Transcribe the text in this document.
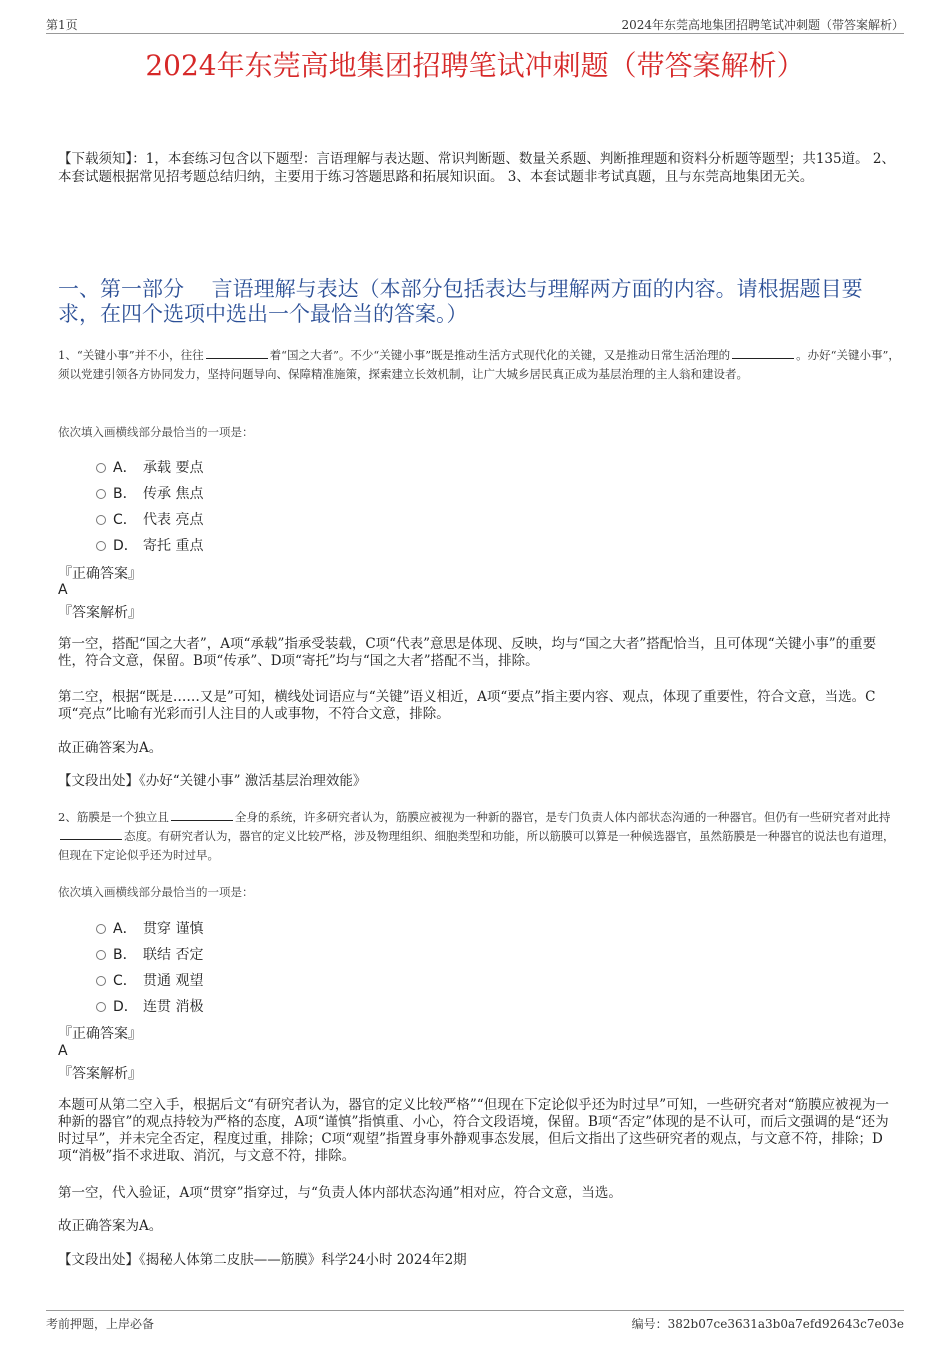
第1页	2024年东莞高地集团招聘笔试冲刺题（带答案解析）
2024年东莞高地集团招聘笔试冲刺题（带答案解析）
【下载须知】：1，本套练习包含以下题型：言语理解与表达题、常识判断题、数量关系题、判断推理题和资料分析题等题型；共135道。 2、本套试题根据常见招考题总结归纳，主要用于练习答题思路和拓展知识面。 3、本套试题非考试真题，且与东莞高地集团无关。
一、第一部分　 言语理解与表达（本部分包括表达与理解两方面的内容。请根据题目要求，在四个选项中选出一个最恰当的答案。）
1、“关键小事”并不小，往往	着“国之大者”。不少“关键小事”既是推动生活方式现代化的关键，又是推动日常生活治理的	。办好“关键小事”，须以党建引领各方协同发力，坚持问题导向、保障精准施策，探索建立长效机制，让广大城乡居民真正成为基层治理的主人翁和建设者。
依次填入画横线部分最恰当的一项是：
A． 承载 要点
B． 传承 焦点
C． 代表 亮点
D． 寄托 重点
『正确答案』
A
『答案解析』
第一空，搭配“国之大者”，A项“承载”指承受装载，C项“代表”意思是体现、反映，均与“国之大者”搭配恰当，且可体现“关键小事”的重要性，符合文意，保留。B项“传承”、D项“寄托”均与“国之大者”搭配不当，排除。
第二空，根据“既是……又是”可知，横线处词语应与“关键”语义相近，A项“要点”指主要内容、观点，体现了重要性，符合文意，当选。C项“亮点”比喻有光彩而引人注目的人或事物，不符合文意，排除。
故正确答案为A。
【文段出处】《办好“关键小事” 激活基层治理效能》
2、筋膜是一个独立且	全身的系统，许多研究者认为，筋膜应被视为一种新的器官，是专门负责人体内部状态沟通的一种器官。但仍有一些研究者对此持态度。有研究者认为，器官的定义比较严格，涉及物理组织、细胞类型和功能，所以筋膜可以算是一种候选器官，虽然筋膜是一种器官的说法也有道理，但现在下定论似乎还为时过早。
依次填入画横线部分最恰当的一项是：
A． 贯穿 谨慎
B． 联结 否定
C． 贯通 观望
D． 连贯 消极
『正确答案』
A
『答案解析』
本题可从第二空入手，根据后文“有研究者认为，器官的定义比较严格”“但现在下定论似乎还为时过早”可知，一些研究者对“筋膜应被视为一种新的器官”的观点持较为严格的态度，A项“谨慎”指慎重、小心，符合文段语境，保留。B项“否定”体现的是不认可，而后文强调的是“还为时过早”，并未完全否定，程度过重，排除；C项“观望”指置身事外静观事态发展，但后文指出了这些研究者的观点，与文意不符，排除；D项“消极”指不求进取、消沉，与文意不符，排除。
第一空，代入验证，A项“贯穿”指穿过，与“负责人体内部状态沟通”相对应，符合文意，当选。
故正确答案为A。
【文段出处】《揭秘人体第二皮肤——筋膜》科学24小时 2024年2期
考前押题，上岸必备	编号：382b07ce3631a3b0a7efd92643c7e03e
